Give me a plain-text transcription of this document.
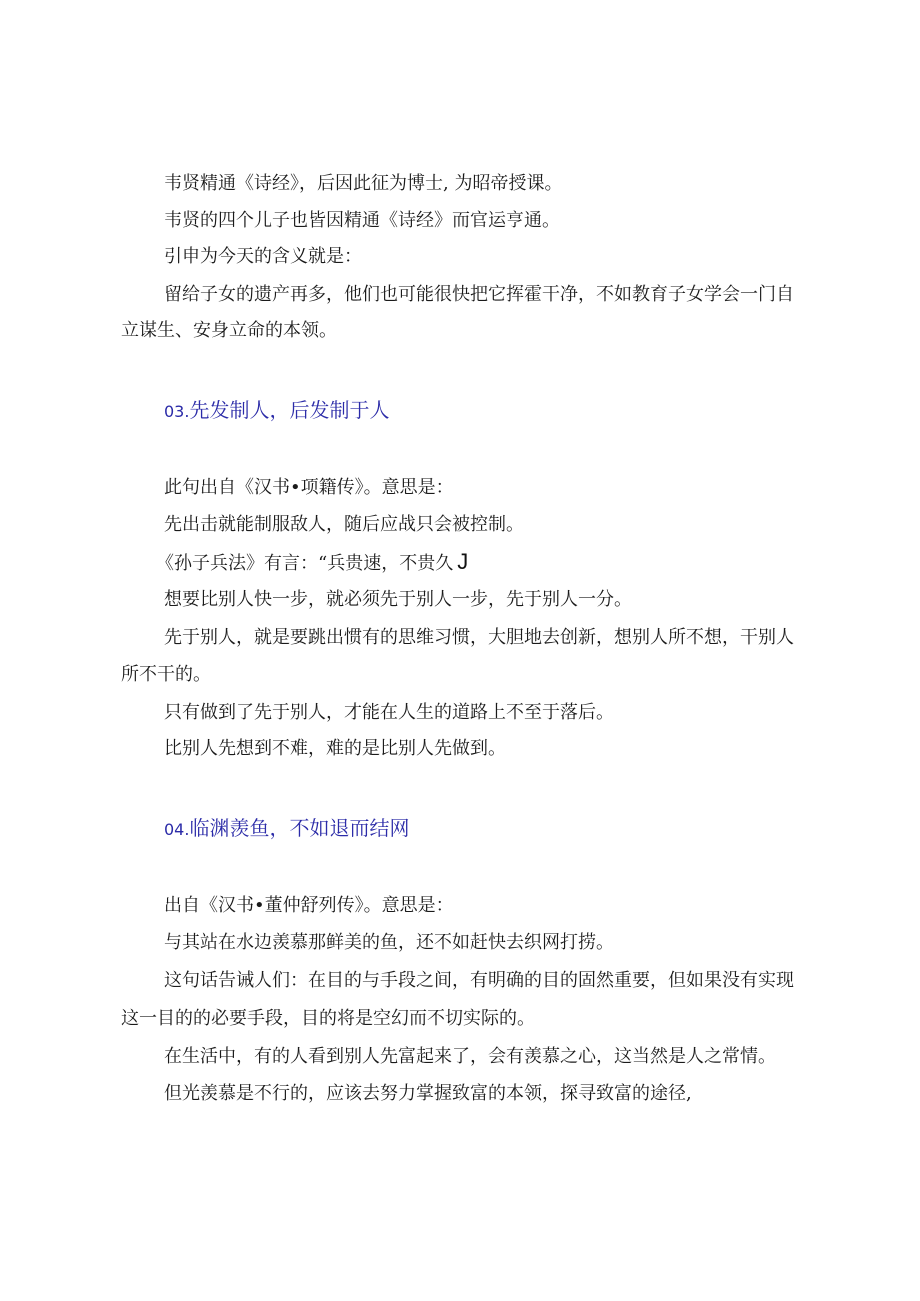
韦贤精通《诗经》，后因此征为博士, 为昭帝授课。

韦贤的四个儿子也皆因精通《诗经》而官运亨通。

引申为今天的含义就是：

留给子女的遗产再多，他们也可能很快把它挥霍干净，不如教育子女学会一门自

立谋生、安身立命的本领。

03.先发制人，后发制于人

此句出自《汉书•项籍传》。意思是：

先出击就能制服敌人，随后应战只会被控制。

《孙子兵法》有言：“兵贵速，不贵久 J

想要比别人快一步，就必须先于别人一步，先于别人一分。

先于别人，就是要跳出惯有的思维习惯，大胆地去创新，想别人所不想，干别人

所不干的。

只有做到了先于别人，才能在人生的道路上不至于落后。

比别人先想到不难，难的是比别人先做到。

04.临渊羡鱼，不如退而结网

出自《汉书•董仲舒列传》。意思是：

与其站在水边羡慕那鲜美的鱼，还不如赶快去织网打捞。

这句话告诫人们：在目的与手段之间，有明确的目的固然重要，但如果没有实现

这一目的的必要手段，目的将是空幻而不切实际的。

在生活中，有的人看到别人先富起来了，会有羡慕之心，这当然是人之常情。

但光羡慕是不行的，应该去努力掌握致富的本领，探寻致富的途径,
